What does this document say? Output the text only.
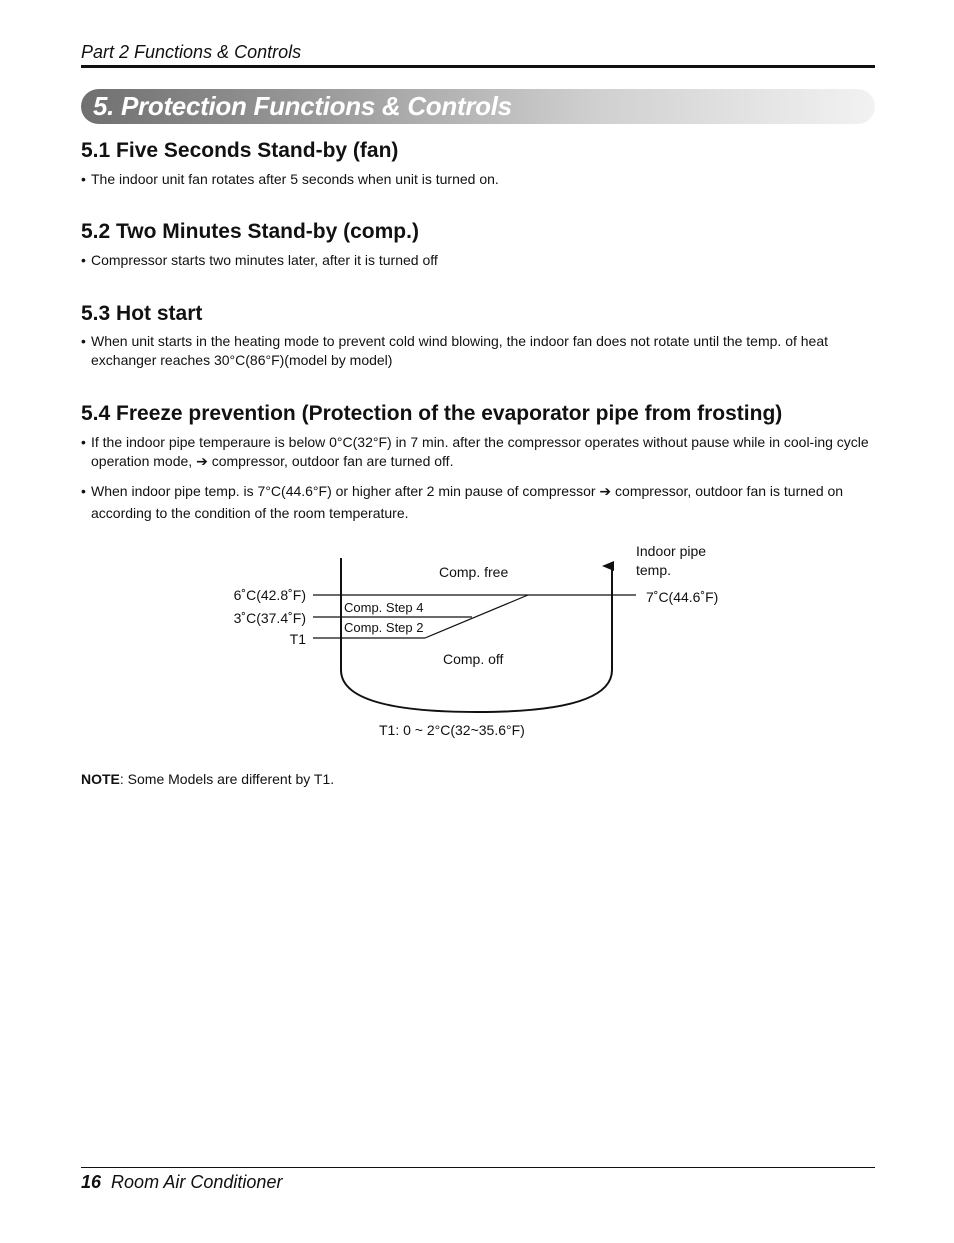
Part 2 Functions & Controls
5. Protection Functions & Controls
5.1 Five Seconds Stand-by (fan)
• The indoor unit fan rotates after 5 seconds when unit is turned on.
5.2 Two Minutes Stand-by (comp.)
• Compressor starts two minutes later, after it is turned off
5.3 Hot start
• When unit starts in the heating mode to prevent cold wind blowing, the indoor fan does not rotate until the temp. of heat exchanger reaches 30°C(86°F)(model by model)
5.4 Freeze prevention (Protection of the evaporator pipe from frosting)
• If the indoor pipe temperaure is below 0°C(32°F) in 7 min. after the compressor operates without pause while in cool-ing cycle operation mode, ➔ compressor, outdoor fan are turned off.
• When indoor pipe temp. is 7°C(44.6°F) or higher after 2 min pause of compressor ➔ compressor, outdoor fan is turned on according to the condition of the room temperature.
Indoor pipe
temp.
6˚C(42.8˚F)
3˚C(37.4˚F)
T1
7˚C(44.6˚F)
Comp. free
Comp. Step 4
Comp. Step 2
Comp. off
T1: 0 ~ 2°C(32~35.6°F)
NOTE: Some Models are different by T1.
16 Room Air Conditioner
